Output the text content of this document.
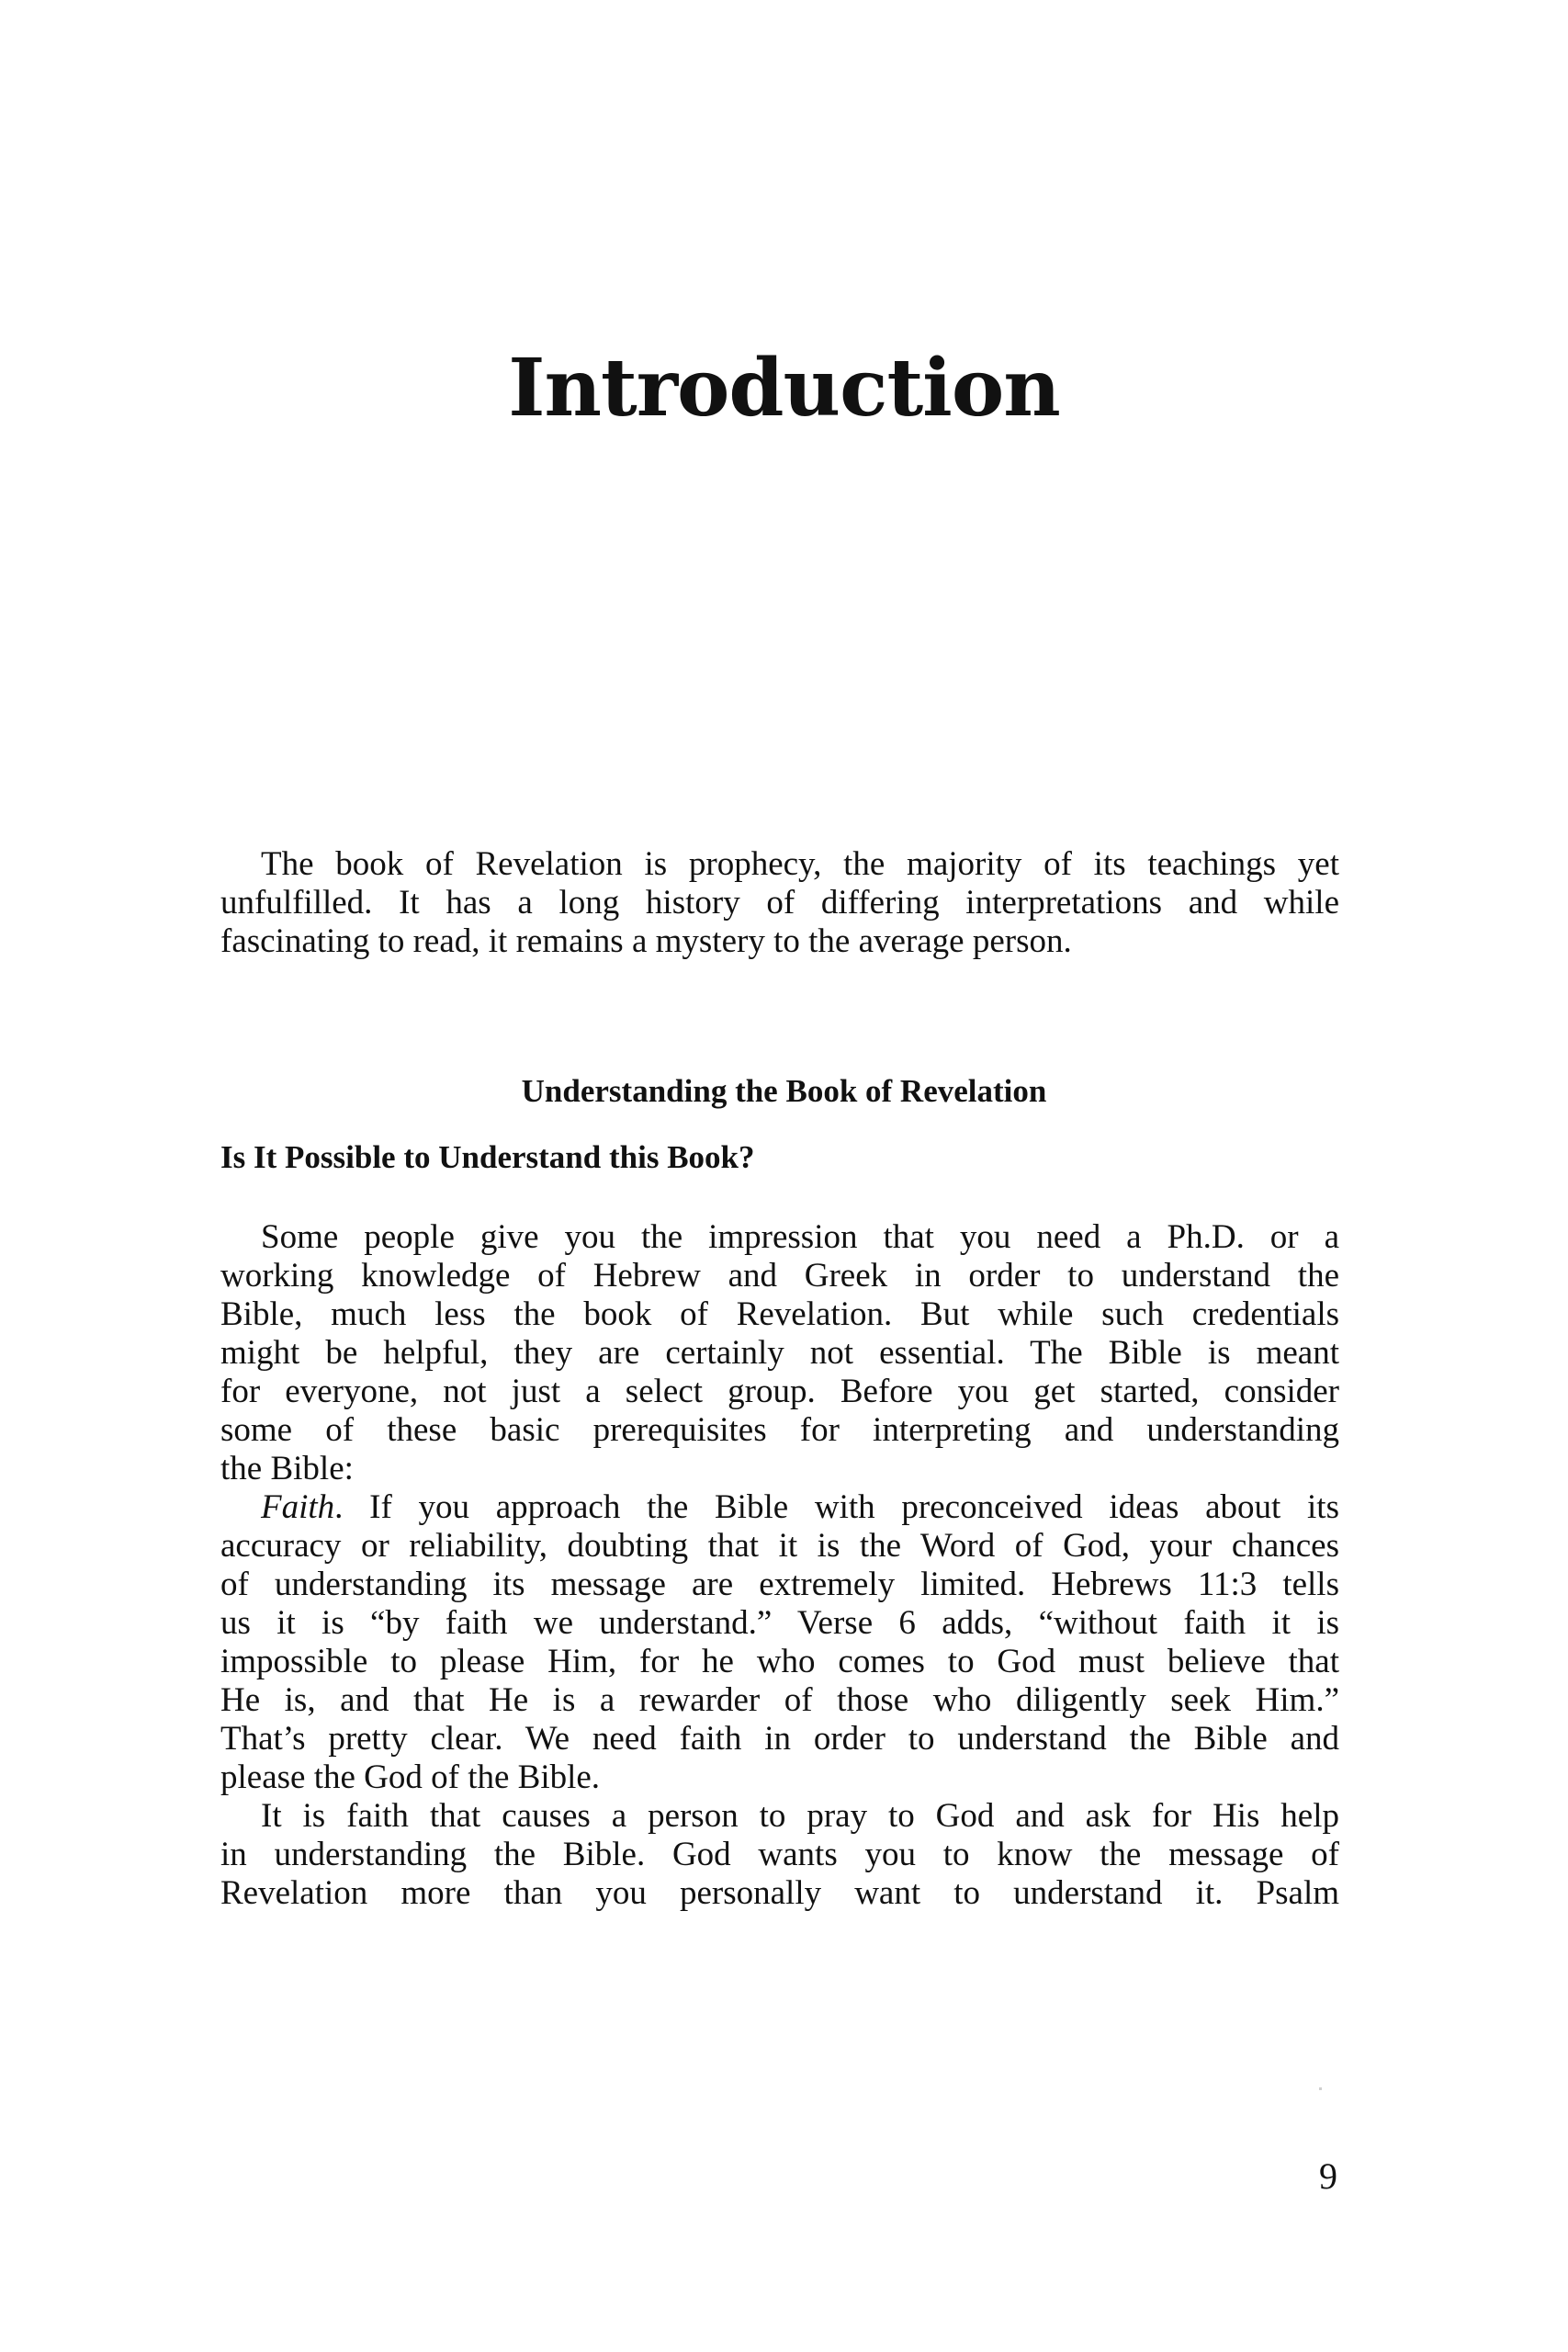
Introduction
The book of Revelation is prophecy, the majority of its teachings yet
unfulfilled. It has a long history of differing interpretations and while
fascinating to read, it remains a mystery to the average person.
Understanding the Book of Revelation
Is It Possible to Understand this Book?
Some people give you the impression that you need a Ph.D. or a
working knowledge of Hebrew and Greek in order to understand the
Bible, much less the book of Revelation. But while such credentials
might be helpful, they are certainly not essential. The Bible is meant
for everyone, not just a select group. Before you get started, consider
some of these basic prerequisites for interpreting and understanding
the Bible:
Faith. If you approach the Bible with preconceived ideas about its
accuracy or reliability, doubting that it is the Word of God, your chances
of understanding its message are extremely limited. Hebrews 11:3 tells
us it is “by faith we understand.” Verse 6 adds, “without faith it is
impossible to please Him, for he who comes to God must believe that
He is, and that He is a rewarder of those who diligently seek Him.”
That’s pretty clear. We need faith in order to understand the Bible and
please the God of the Bible.
It is faith that causes a person to pray to God and ask for His help
in understanding the Bible. God wants you to know the message of
Revelation more than you personally want to understand it. Psalm
9
